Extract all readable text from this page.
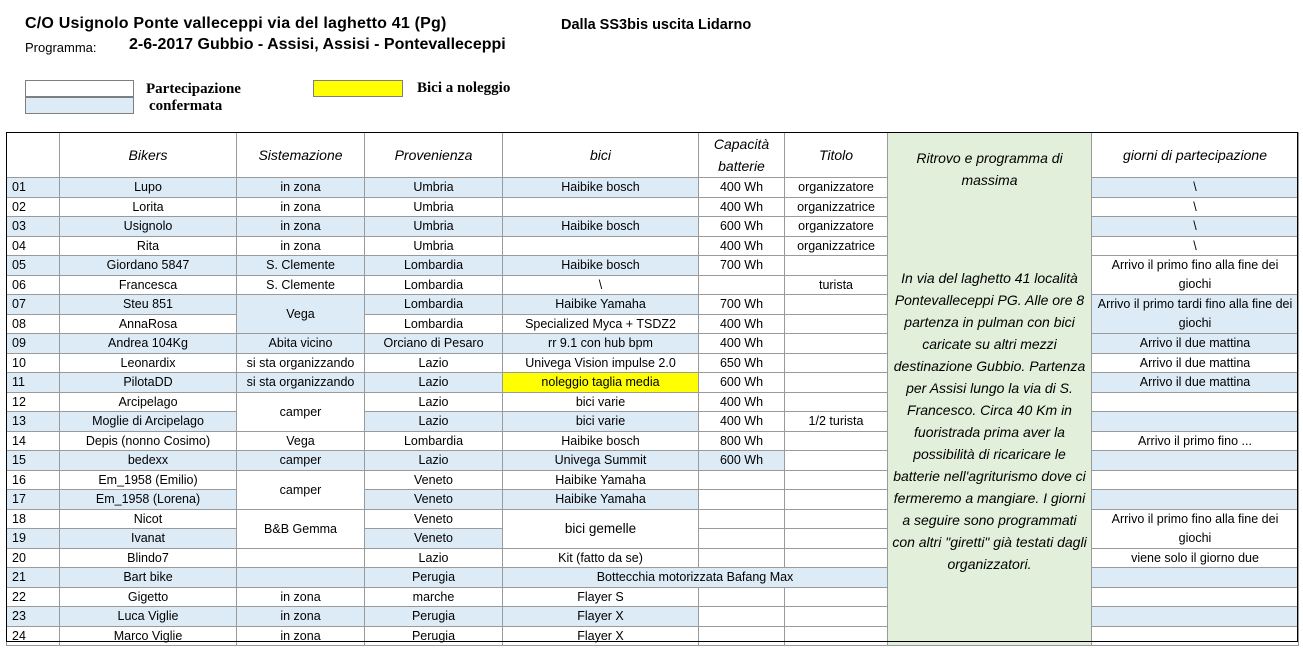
C/O Usignolo Ponte valleceppi via del laghetto 41 (Pg)	Dalla SS3bis uscita Lidarno
Programma: 2-6-2017 Gubbio - Assisi, Assisi - Pontevalleceppi
Partecipazione
confermata
Bici a noleggio
	Bikers	Sistemazione	Provenienza	bici	Capacità batterie	Titolo	Ritrovo e programma di massima
In via del laghetto 41 località Pontevalleceppi PG. Alle ore 8 partenza in pulman con bici caricate su altri mezzi destinazione Gubbio. Partenza per Assisi lungo la via di S. Francesco. Circa 40 Km in fuoristrada prima aver la possibilità di ricaricare le batterie nell'agriturismo dove ci fermeremo a mangiare. I giorni a seguire sono programmati con altri "giretti" già testati dagli organizzatori.	giorni di partecipazione
01	Lupo	in zona	Umbria	Haibike bosch	400 Wh	organizzatore		\
02	Lorita	in zona	Umbria		400 Wh	organizzatrice		\
03	Usignolo	in zona	Umbria	Haibike bosch	600 Wh	organizzatore		\
04	Rita	in zona	Umbria		400 Wh	organizzatrice		\
05	Giordano 5847	S. Clemente	Lombardia	Haibike bosch	700 Wh			Arrivo il primo fino alla fine dei giochi
06	Francesca	S. Clemente	Lombardia	\		turista		
07	Steu 851	Vega	Lombardia	Haibike Yamaha	700 Wh			Arrivo il primo tardi fino alla fine dei giochi
08	AnnaRosa		Lombardia	Specialized Myca + TSDZ2	400 Wh			
09	Andrea 104Kg	Abita vicino	Orciano di Pesaro	rr 9.1 con hub bpm	400 Wh			Arrivo il due mattina
10	Leonardix	si sta organizzando	Lazio	Univega Vision impulse 2.0	650 Wh			Arrivo il due mattina
11	PilotaDD	si sta organizzando	Lazio	noleggio taglia media	600 Wh			Arrivo il due mattina
12	Arcipelago	camper	Lazio	bici varie	400 Wh			
13	Moglie di Arcipelago		Lazio	bici varie	400 Wh	1/2 turista		
14	Depis (nonno Cosimo)	Vega	Lombardia	Haibike bosch	800 Wh			Arrivo il primo fino ...
15	bedexx	camper	Lazio	Univega Summit	600 Wh			
16	Em_1958 (Emilio)	camper	Veneto	Haibike Yamaha				
17	Em_1958 (Lorena)		Veneto	Haibike Yamaha				
18	Nicot	B&B Gemma	Veneto	bici gemelle				Arrivo il primo fino alla fine dei giochi
19	Ivanat		Veneto					
20	Blindo7		Lazio	Kit (fatto da se)				viene solo il giorno due
21	Bart bike		Perugia	Bottecchia motorizzata Bafang Max				
22	Gigetto	in zona	marche	Flayer S				
23	Luca Viglie	in zona	Perugia	Flayer X				
24	Marco Viglie	in zona	Perugia	Flayer X				
